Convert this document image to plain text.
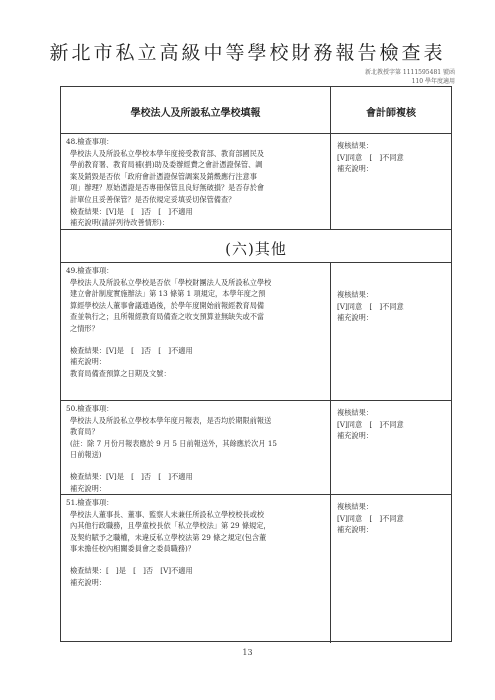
新北市私立高級中等學校財務報告檢查表
新北教授字第 1111595481 號函
110 學年度適用
學校法人及所設私立學校填報	會計師複核
48.檢查事項：
學校法人及所設私立學校本學年度接受教育部、教育部國民及
學前教育署、教育局補(捐)助及委辦經費之會計憑證保管、調
案及銷毀是否依「政府會計憑證保管調案及銷燬應行注意事
項」辦理？原始憑證是否專冊保管且良好無破損？是否存於會
計單位且妥善保管？是否依規定妥填妥切保管備查？
檢查結果：[V]是　[　]否　[　]不適用
補充說明(請詳列待改善情形)：
複核結果：
[V]同意　[　]不同意
補充說明：
(六)其他
49.檢查事項：
學校法人及所設私立學校是否依「學校財團法人及所設私立學校
建立會計制度實施辦法」第 13 條第 1 項規定，本學年度之預
算經學校法人董事會議通過後，於學年度開始前報經教育局備
查並執行之；且所報經教育局備查之收支預算並無缺失或不當
之情形？
檢查結果：[V]是　[　]否　[　]不適用
補充說明：
教育局備查預算之日期及文號：
複核結果：
[V]同意　[　]不同意
補充說明：
50.檢查事項：
學校法人及所設私立學校本學年度月報表，是否均於期限前報送
教育局？
(註：除 7 月份月報表應於 9 月 5 日前報送外，其餘應於次月 15
日前報送)
檢查結果：[V]是　[　]否　[　]不適用
補充說明：
複核結果：
[V]同意　[　]不同意
補充說明：
51.檢查事項：
學校法人董事長、董事、監察人未兼任所設私立學校校長或校
內其他行政職務，且學童校長依「私立學校法」第 29 條規定，
及契約賦予之職權，未違反私立學校法第 29 條之規定(包含董
事未擔任校內相關委員會之委員職務)？
檢查結果：[　]是　[　]否　[V]不適用
補充說明：
複核結果：
[V]同意　[　]不同意
補充說明：
13
